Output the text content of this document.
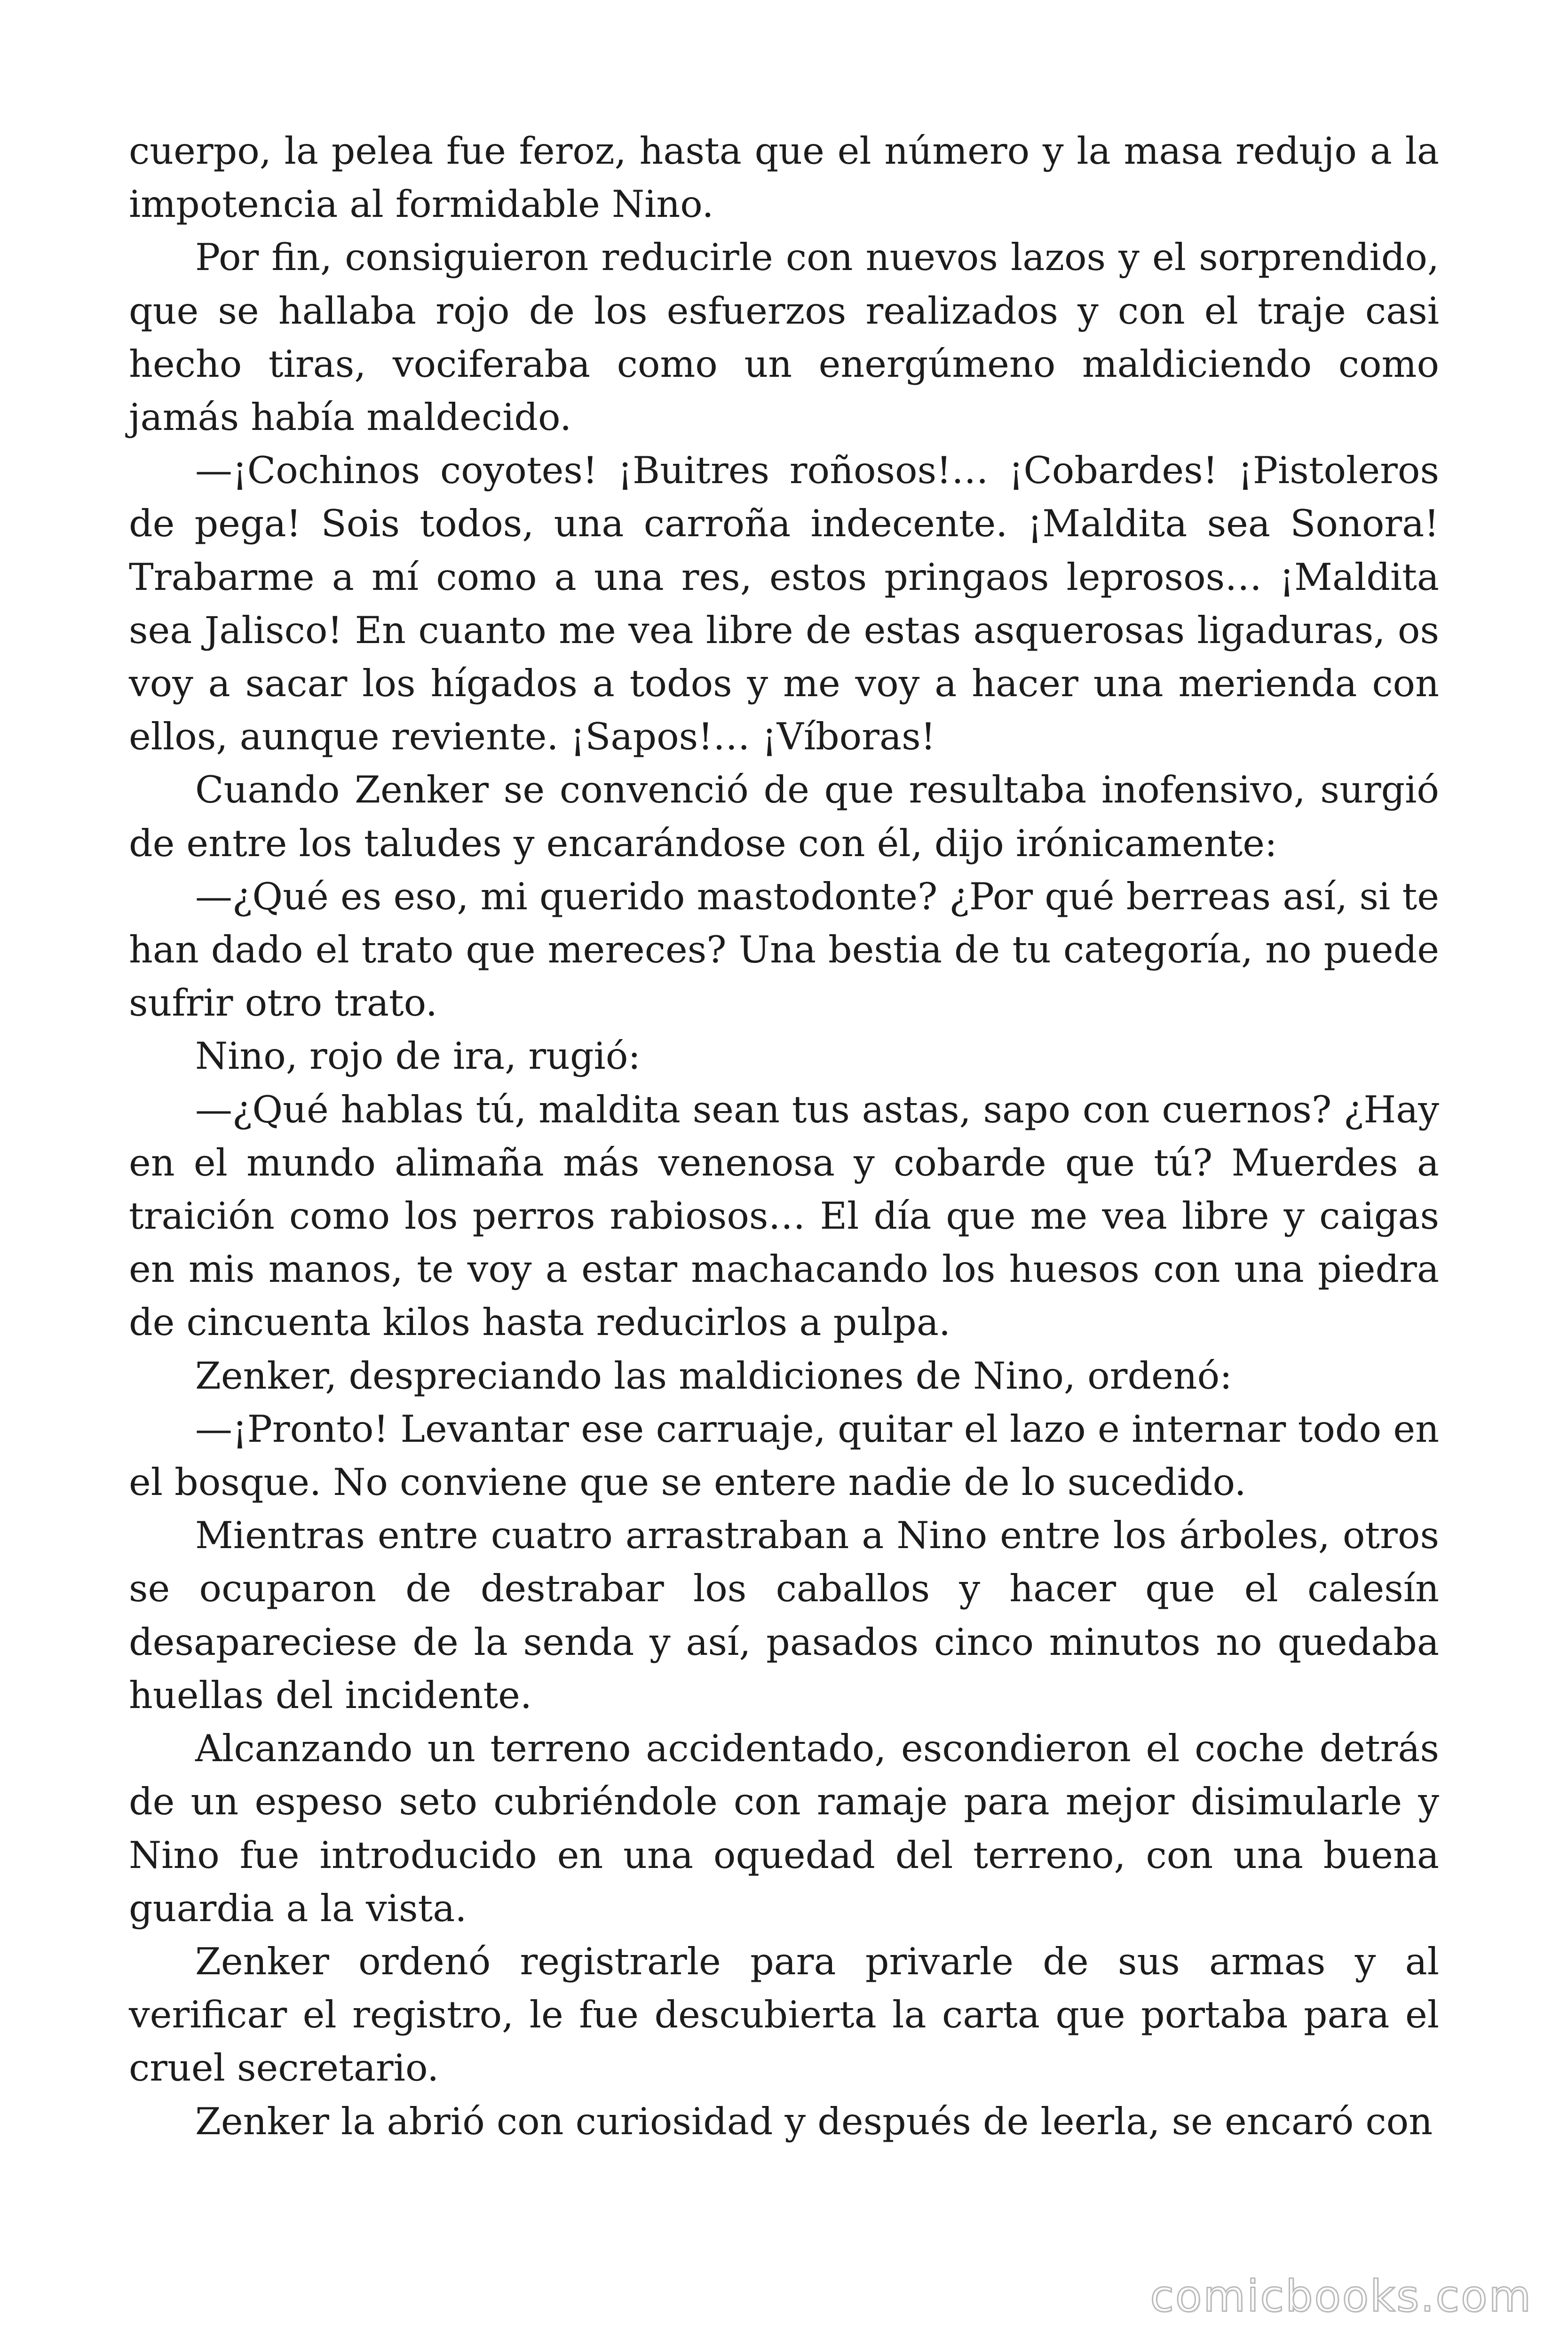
cuerpo, la pelea fue feroz, hasta que el número y la masa redujo a la impotencia al formidable Nino.

Por fin, consiguieron reducirle con nuevos lazos y el sorprendido, que se hallaba rojo de los esfuerzos realizados y con el traje casi hecho tiras, vociferaba como un energúmeno maldiciendo como jamás había maldecido.

—¡Cochinos coyotes! ¡Buitres roñosos!… ¡Cobardes! ¡Pistoleros de pega! Sois todos, una carroña indecente. ¡Maldita sea Sonora! Trabarme a mí como a una res, estos pringaos leprosos… ¡Maldita sea Jalisco! En cuanto me vea libre de estas asquerosas ligaduras, os voy a sacar los hígados a todos y me voy a hacer una merienda con ellos, aunque reviente. ¡Sapos!… ¡Víboras!

Cuando Zenker se convenció de que resultaba inofensivo, surgió de entre los taludes y encarándose con él, dijo irónicamente:

—¿Qué es eso, mi querido mastodonte? ¿Por qué berreas así, si te han dado el trato que mereces? Una bestia de tu categoría, no puede sufrir otro trato.

Nino, rojo de ira, rugió:

—¿Qué hablas tú, maldita sean tus astas, sapo con cuernos? ¿Hay en el mundo alimaña más venenosa y cobarde que tú? Muerdes a traición como los perros rabiosos… El día que me vea libre y caigas en mis manos, te voy a estar machacando los huesos con una piedra de cincuenta kilos hasta reducirlos a pulpa.

Zenker, despreciando las maldiciones de Nino, ordenó:

—¡Pronto! Levantar ese carruaje, quitar el lazo e internar todo en el bosque. No conviene que se entere nadie de lo sucedido.

Mientras entre cuatro arrastraban a Nino entre los árboles, otros se ocuparon de destrabar los caballos y hacer que el calesín desapareciese de la senda y así, pasados cinco minutos no quedaba huellas del incidente.

Alcanzando un terreno accidentado, escondieron el coche detrás de un espeso seto cubriéndole con ramaje para mejor disimularle y Nino fue introducido en una oquedad del terreno, con una buena guardia a la vista.

Zenker ordenó registrarle para privarle de sus armas y al verificar el registro, le fue descubierta la carta que portaba para el cruel secretario.

Zenker la abrió con curiosidad y después de leerla, se encaró con

comicbooks.com
